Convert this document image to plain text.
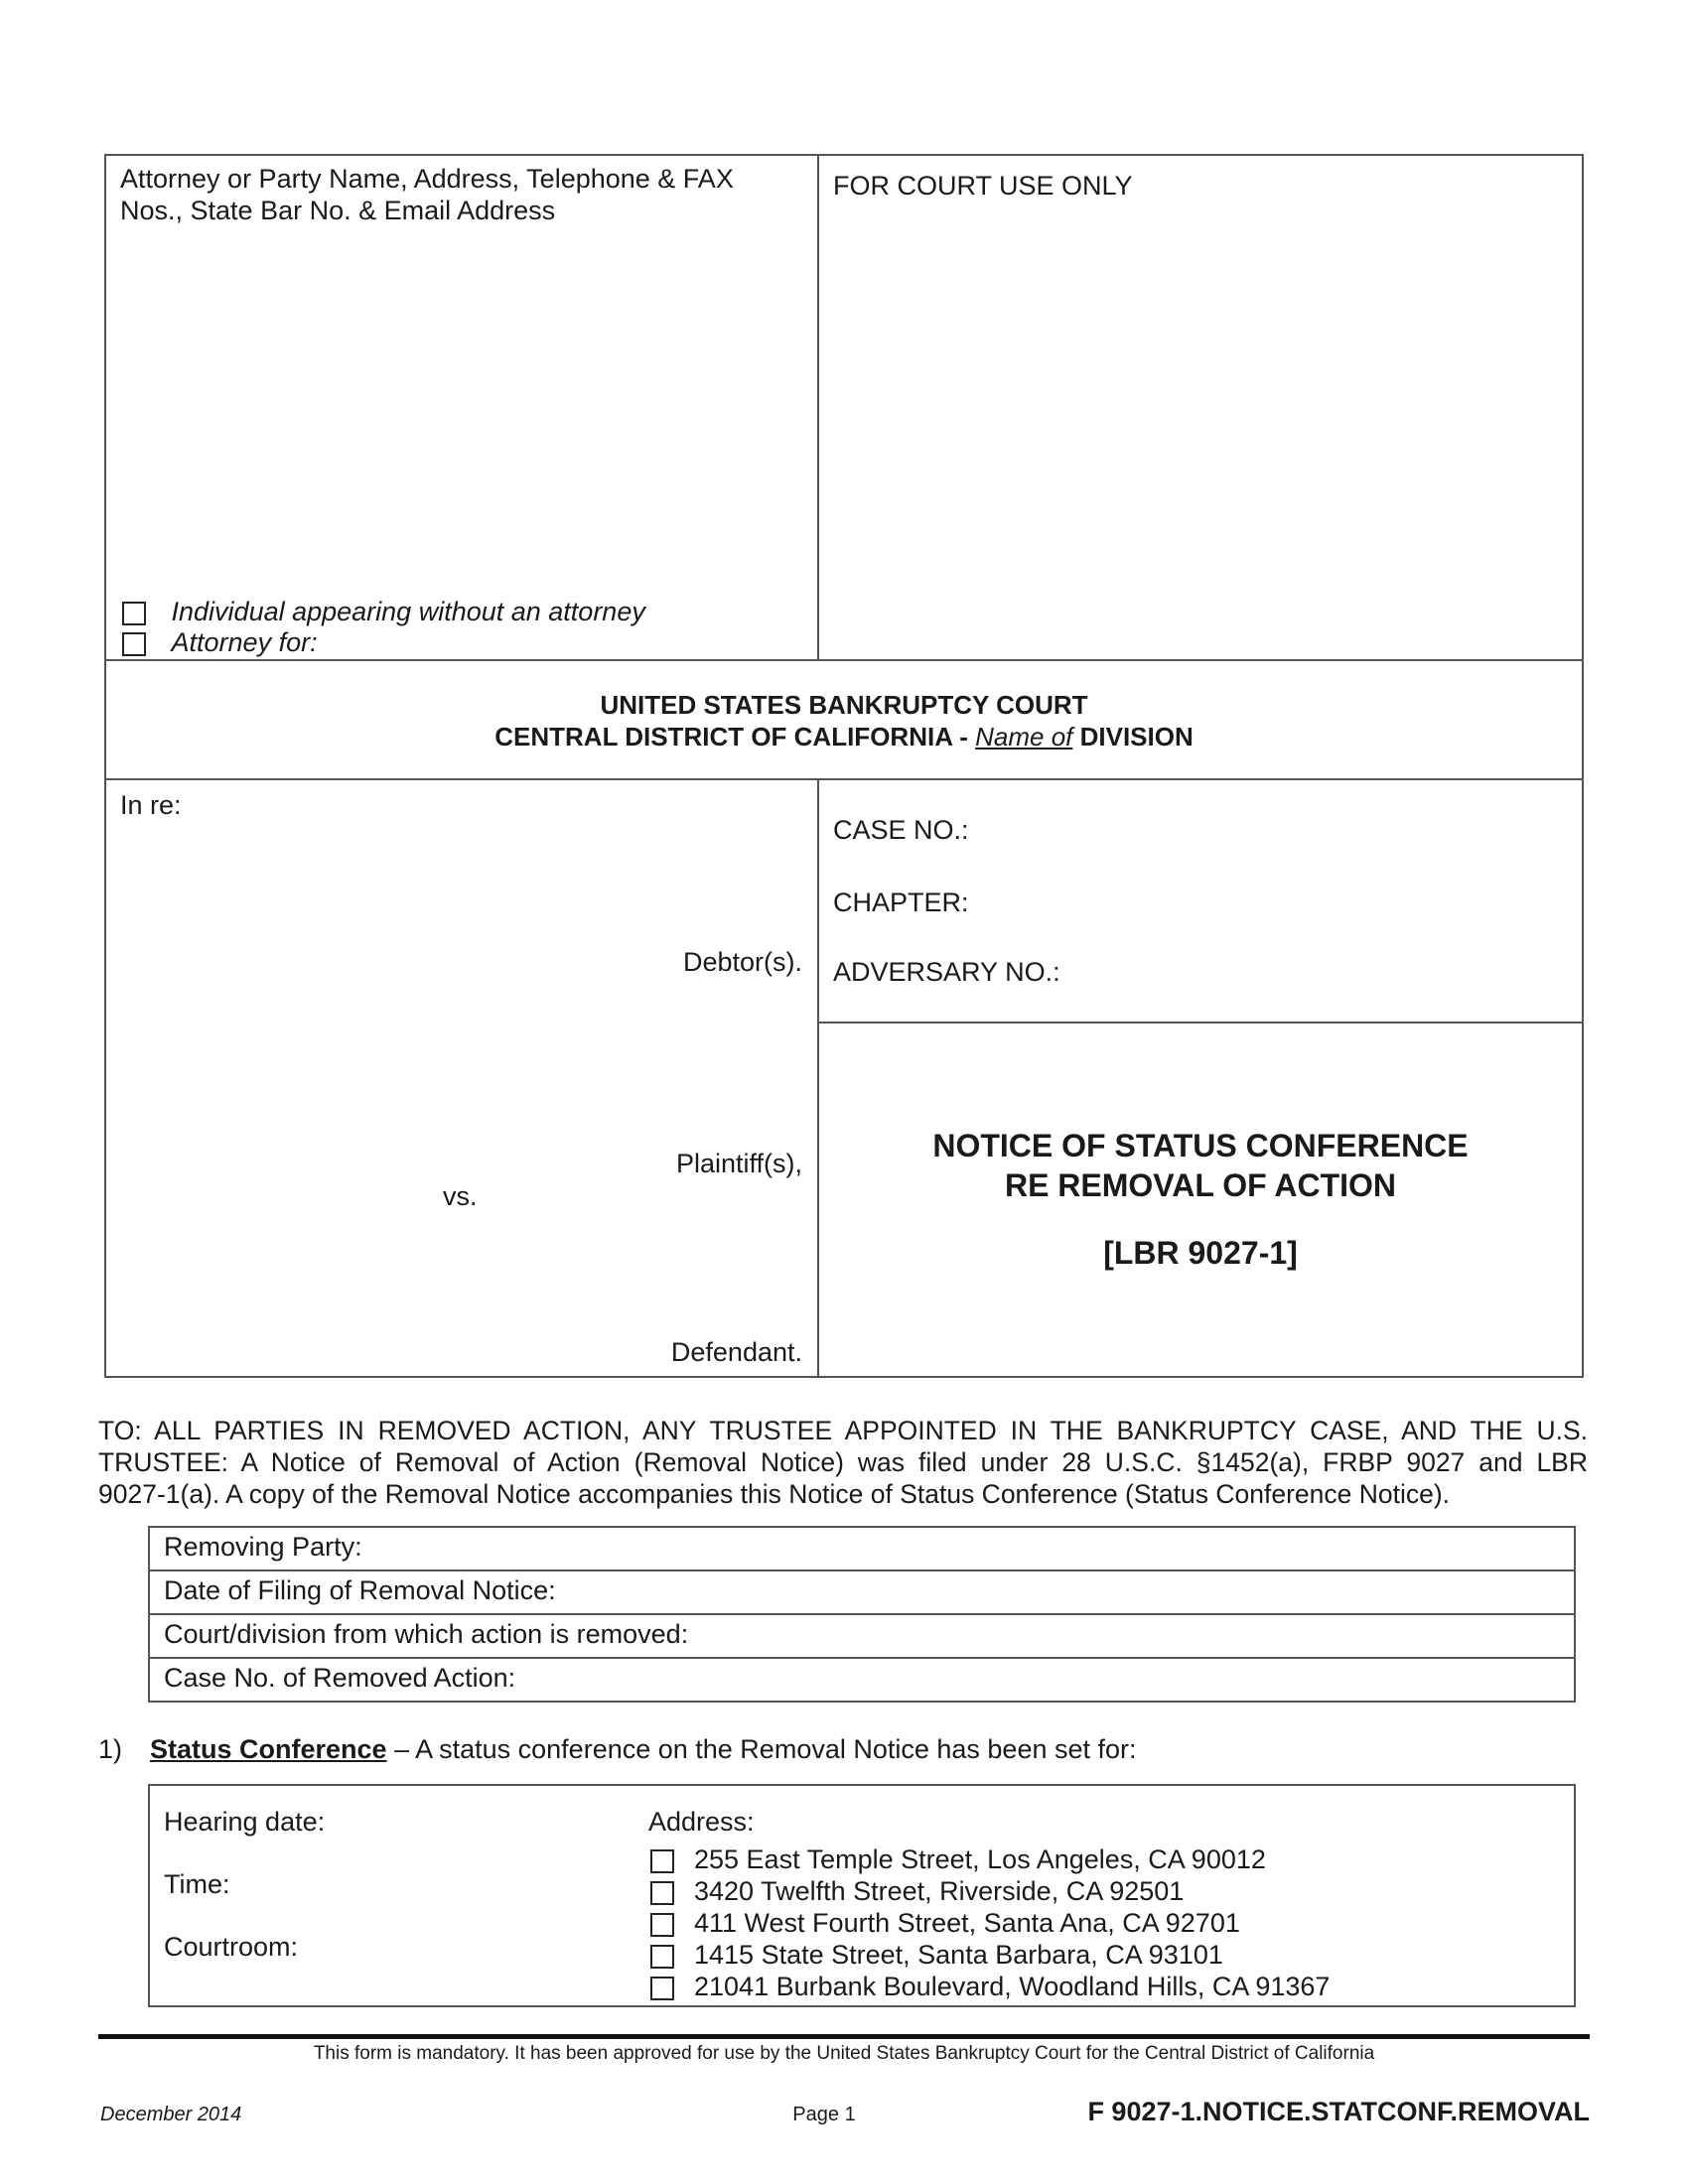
Attorney or Party Name, Address, Telephone & FAX
Nos., State Bar No. & Email Address
FOR COURT USE ONLY
Individual appearing without an attorney
Attorney for:
UNITED STATES BANKRUPTCY COURT
CENTRAL DISTRICT OF CALIFORNIA - Name of DIVISION
In re:
Debtor(s).
Plaintiff(s),
vs.
Defendant.
CASE NO.:
CHAPTER:
ADVERSARY NO.:
NOTICE OF STATUS CONFERENCE
RE REMOVAL OF ACTION
[LBR 9027-1]
TO: ALL PARTIES IN REMOVED ACTION, ANY TRUSTEE APPOINTED IN THE BANKRUPTCY CASE, AND THE U.S.
TRUSTEE: A Notice of Removal of Action (Removal Notice) was filed under 28 U.S.C. §1452(a), FRBP 9027 and LBR
9027-1(a). A copy of the Removal Notice accompanies this Notice of Status Conference (Status Conference Notice).
Removing Party:
Date of Filing of Removal Notice:
Court/division from which action is removed:
Case No. of Removed Action:
1) Status Conference – A status conference on the Removal Notice has been set for:
Hearing date:
Time:
Courtroom:
Address:
255 East Temple Street, Los Angeles, CA 90012
3420 Twelfth Street, Riverside, CA 92501
411 West Fourth Street, Santa Ana, CA 92701
1415 State Street, Santa Barbara, CA 93101
21041 Burbank Boulevard, Woodland Hills, CA 91367
This form is mandatory. It has been approved for use by the United States Bankruptcy Court for the Central District of California
December 2014	Page 1	F 9027-1.NOTICE.STATCONF.REMOVAL
